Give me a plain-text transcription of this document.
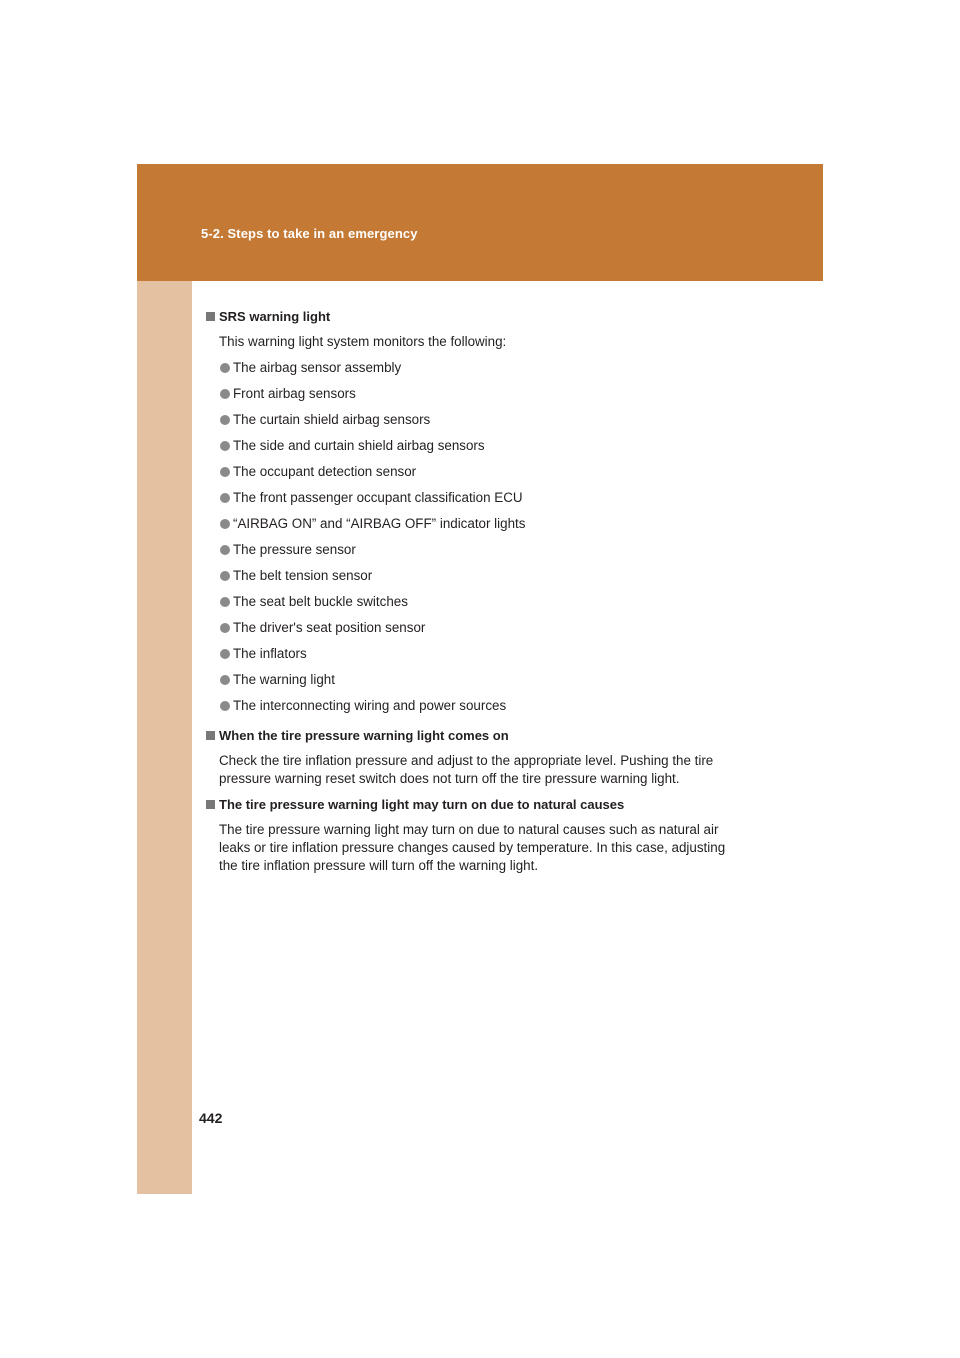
5-2. Steps to take in an emergency
SRS warning light
This warning light system monitors the following:
The airbag sensor assembly
Front airbag sensors
The curtain shield airbag sensors
The side and curtain shield airbag sensors
The occupant detection sensor
The front passenger occupant classification ECU
“AIRBAG ON” and “AIRBAG OFF” indicator lights
The pressure sensor
The belt tension sensor
The seat belt buckle switches
The driver's seat position sensor
The inflators
The warning light
The interconnecting wiring and power sources
When the tire pressure warning light comes on
Check the tire inflation pressure and adjust to the appropriate level. Pushing the tire pressure warning reset switch does not turn off the tire pressure warning light.
The tire pressure warning light may turn on due to natural causes
The tire pressure warning light may turn on due to natural causes such as natural air leaks or tire inflation pressure changes caused by temperature. In this case, adjusting the tire inflation pressure will turn off the warning light.
442
